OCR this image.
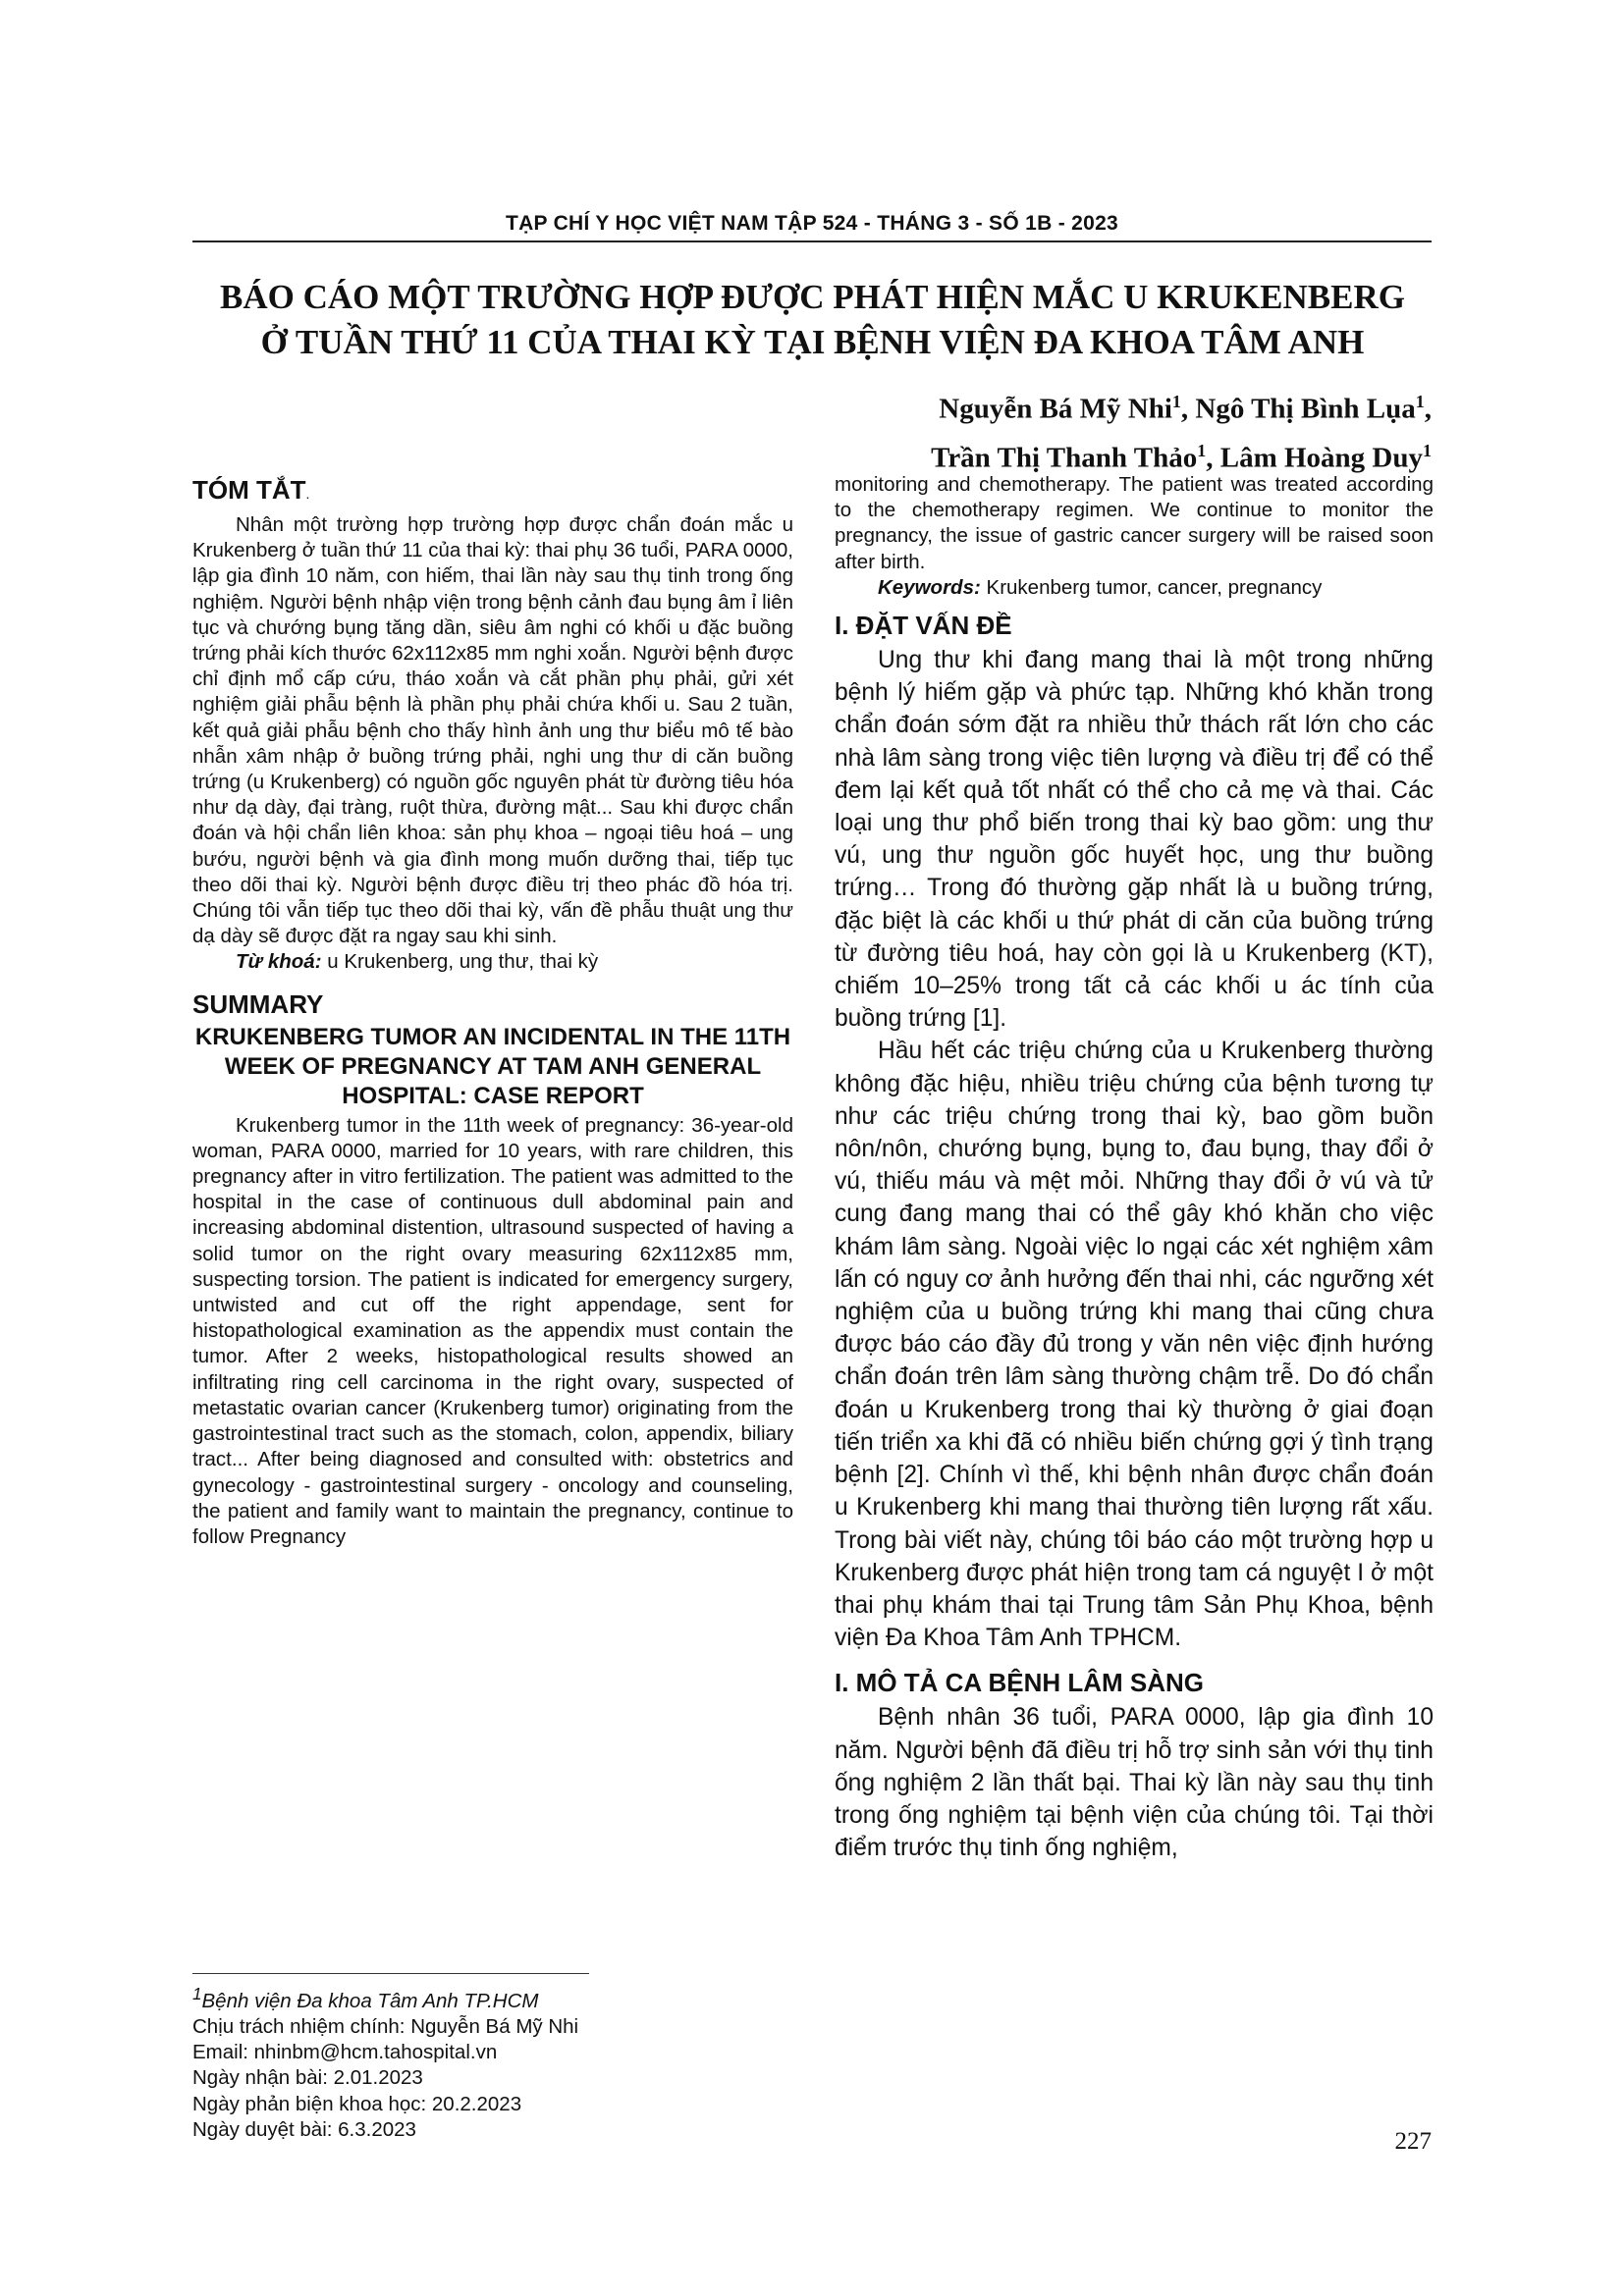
TẠP CHÍ Y HỌC VIỆT NAM TẬP 524 - THÁNG 3 - SỐ 1B - 2023
BÁO CÁO MỘT TRƯỜNG HỢP ĐƯỢC PHÁT HIỆN MẮC U KRUKENBERG
Ở TUẦN THỨ 11 CỦA THAI KỲ TẠI BỆNH VIỆN ĐA KHOA TÂM ANH
Nguyễn Bá Mỹ Nhi$^1$, Ngô Thị Bình Lụa$^1$,
Trần Thị Thanh Thảo$^1$, Lâm Hoàng Duy$^1$
TÓM TẮT.

Nhân một trường hợp trường hợp được chẩn đoán mắc u Krukenberg ở tuần thứ 11 của thai kỳ: thai phụ 36 tuổi, PARA 0000, lập gia đình 10 năm, con hiếm, thai lần này sau thụ tinh trong ống nghiệm. Người bệnh nhập viện trong bệnh cảnh đau bụng âm ỉ liên tục và chướng bụng tăng dần, siêu âm nghi có khối u đặc buồng trứng phải kích thước 62x112x85 mm nghi xoắn. Người bệnh được chỉ định mổ cấp cứu, tháo xoắn và cắt phần phụ phải, gửi xét nghiệm giải phẫu bệnh là phần phụ phải chứa khối u. Sau 2 tuần, kết quả giải phẫu bệnh cho thấy hình ảnh ung thư biểu mô tế bào nhẫn xâm nhập ở buồng trứng phải, nghi ung thư di căn buồng trứng (u Krukenberg) có nguồn gốc nguyên phát từ đường tiêu hóa như dạ dày, đại tràng, ruột thừa, đường mật... Sau khi được chẩn đoán và hội chẩn liên khoa: sản phụ khoa – ngoại tiêu hoá – ung bướu, người bệnh và gia đình mong muốn dưỡng thai, tiếp tục theo dõi thai kỳ. Người bệnh được điều trị theo phác đồ hóa trị. Chúng tôi vẫn tiếp tục theo dõi thai kỳ, vấn đề phẫu thuật ung thư dạ dày sẽ được đặt ra ngay sau khi sinh.

Từ khoá: u Krukenberg, ung thư, thai kỳ

SUMMARY
KRUKENBERG TUMOR AN INCIDENTAL IN THE 11TH WEEK OF PREGNANCY AT TAM ANH GENERAL HOSPITAL: CASE REPORT

Krukenberg tumor in the 11th week of pregnancy: 36-year-old woman, PARA 0000, married for 10 years, with rare children, this pregnancy after in vitro fertilization. The patient was admitted to the hospital in the case of continuous dull abdominal pain and increasing abdominal distention, ultrasound suspected of having a solid tumor on the right ovary measuring 62x112x85 mm, suspecting torsion. The patient is indicated for emergency surgery, untwisted and cut off the right appendage, sent for histopathological examination as the appendix must contain the tumor. After 2 weeks, histopathological results showed an infiltrating ring cell carcinoma in the right ovary, suspected of metastatic ovarian cancer (Krukenberg tumor) originating from the gastrointestinal tract such as the stomach, colon, appendix, biliary tract... After being diagnosed and consulted with: obstetrics and gynecology - gastrointestinal surgery - oncology and counseling, the patient and family want to maintain the pregnancy, continue to follow Pregnancy

monitoring and chemotherapy. The patient was treated according to the chemotherapy regimen. We continue to monitor the pregnancy, the issue of gastric cancer surgery will be raised soon after birth.

Keywords: Krukenberg tumor, cancer, pregnancy

I. ĐẶT VẤN ĐỀ

Ung thư khi đang mang thai là một trong những bệnh lý hiếm gặp và phức tạp. Những khó khăn trong chẩn đoán sớm đặt ra nhiều thử thách rất lớn cho các nhà lâm sàng trong việc tiên lượng và điều trị để có thể đem lại kết quả tốt nhất có thể cho cả mẹ và thai. Các loại ung thư phổ biến trong thai kỳ bao gồm: ung thư vú, ung thư nguồn gốc huyết học, ung thư buồng trứng… Trong đó thường gặp nhất là u buồng trứng, đặc biệt là các khối u thứ phát di căn của buồng trứng từ đường tiêu hoá, hay còn gọi là u Krukenberg (KT), chiếm 10–25% trong tất cả các khối u ác tính của buồng trứng [1].

Hầu hết các triệu chứng của u Krukenberg thường không đặc hiệu, nhiều triệu chứng của bệnh tương tự như các triệu chứng trong thai kỳ, bao gồm buồn nôn/nôn, chướng bụng, bụng to, đau bụng, thay đổi ở vú, thiếu máu và mệt mỏi. Những thay đổi ở vú và tử cung đang mang thai có thể gây khó khăn cho việc khám lâm sàng. Ngoài việc lo ngại các xét nghiệm xâm lấn có nguy cơ ảnh hưởng đến thai nhi, các ngưỡng xét nghiệm của u buồng trứng khi mang thai cũng chưa được báo cáo đầy đủ trong y văn nên việc định hướng chẩn đoán trên lâm sàng thường chậm trễ. Do đó chẩn đoán u Krukenberg trong thai kỳ thường ở giai đoạn tiến triển xa khi đã có nhiều biến chứng gợi ý tình trạng bệnh [2]. Chính vì thế, khi bệnh nhân được chẩn đoán u Krukenberg khi mang thai thường tiên lượng rất xấu. Trong bài viết này, chúng tôi báo cáo một trường hợp u Krukenberg được phát hiện trong tam cá nguyệt I ở một thai phụ khám thai tại Trung tâm Sản Phụ Khoa, bệnh viện Đa Khoa Tâm Anh TPHCM.

I. MÔ TẢ CA BỆNH LÂM SÀNG

Bệnh nhân 36 tuổi, PARA 0000, lập gia đình 10 năm. Người bệnh đã điều trị hỗ trợ sinh sản với thụ tinh ống nghiệm 2 lần thất bại. Thai kỳ lần này sau thụ tinh trong ống nghiệm tại bệnh viện của chúng tôi. Tại thời điểm trước thụ tinh ống nghiệm,

$^1$Bệnh viện Đa khoa Tâm Anh TP.HCM
Chịu trách nhiệm chính: Nguyễn Bá Mỹ Nhi
Email: nhinbm@hcm.tahospital.vn
Ngày nhận bài: 2.01.2023
Ngày phản biện khoa học: 20.2.2023
Ngày duyệt bài: 6.3.2023	227
